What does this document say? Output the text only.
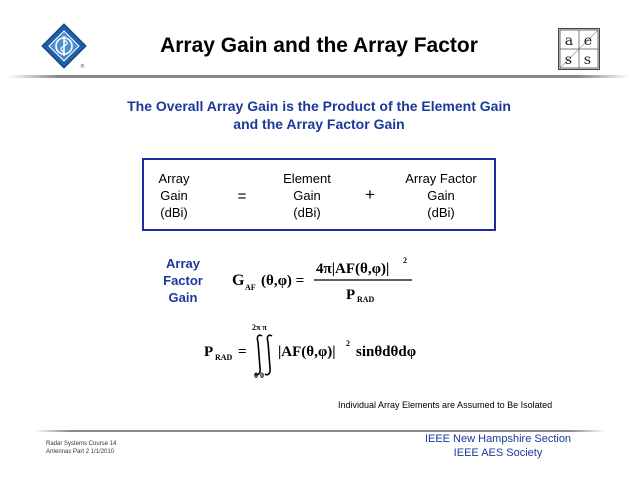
®
Array Gain and the Array Factor	a e
s s
The Overall Array Gain is the Product of the Element Gain
and the Array Factor Gain
Array
Gain
(dBi)
=
Element
Gain
(dBi)
+
Array Factor
Gain
(dBi)
Array
Factor
Gain
G AF (θ,φ) =
4π|AF(θ,φ)|
2
P RAD
P RAD =
2π π
0 0
|AF(θ,φ)|
2
sinθdθdφ
Individual Array Elements are Assumed to Be Isolated
Radar Systems Course 14
Antennas Part 2 1/1/2010
IEEE New Hampshire Section
IEEE AES Society
